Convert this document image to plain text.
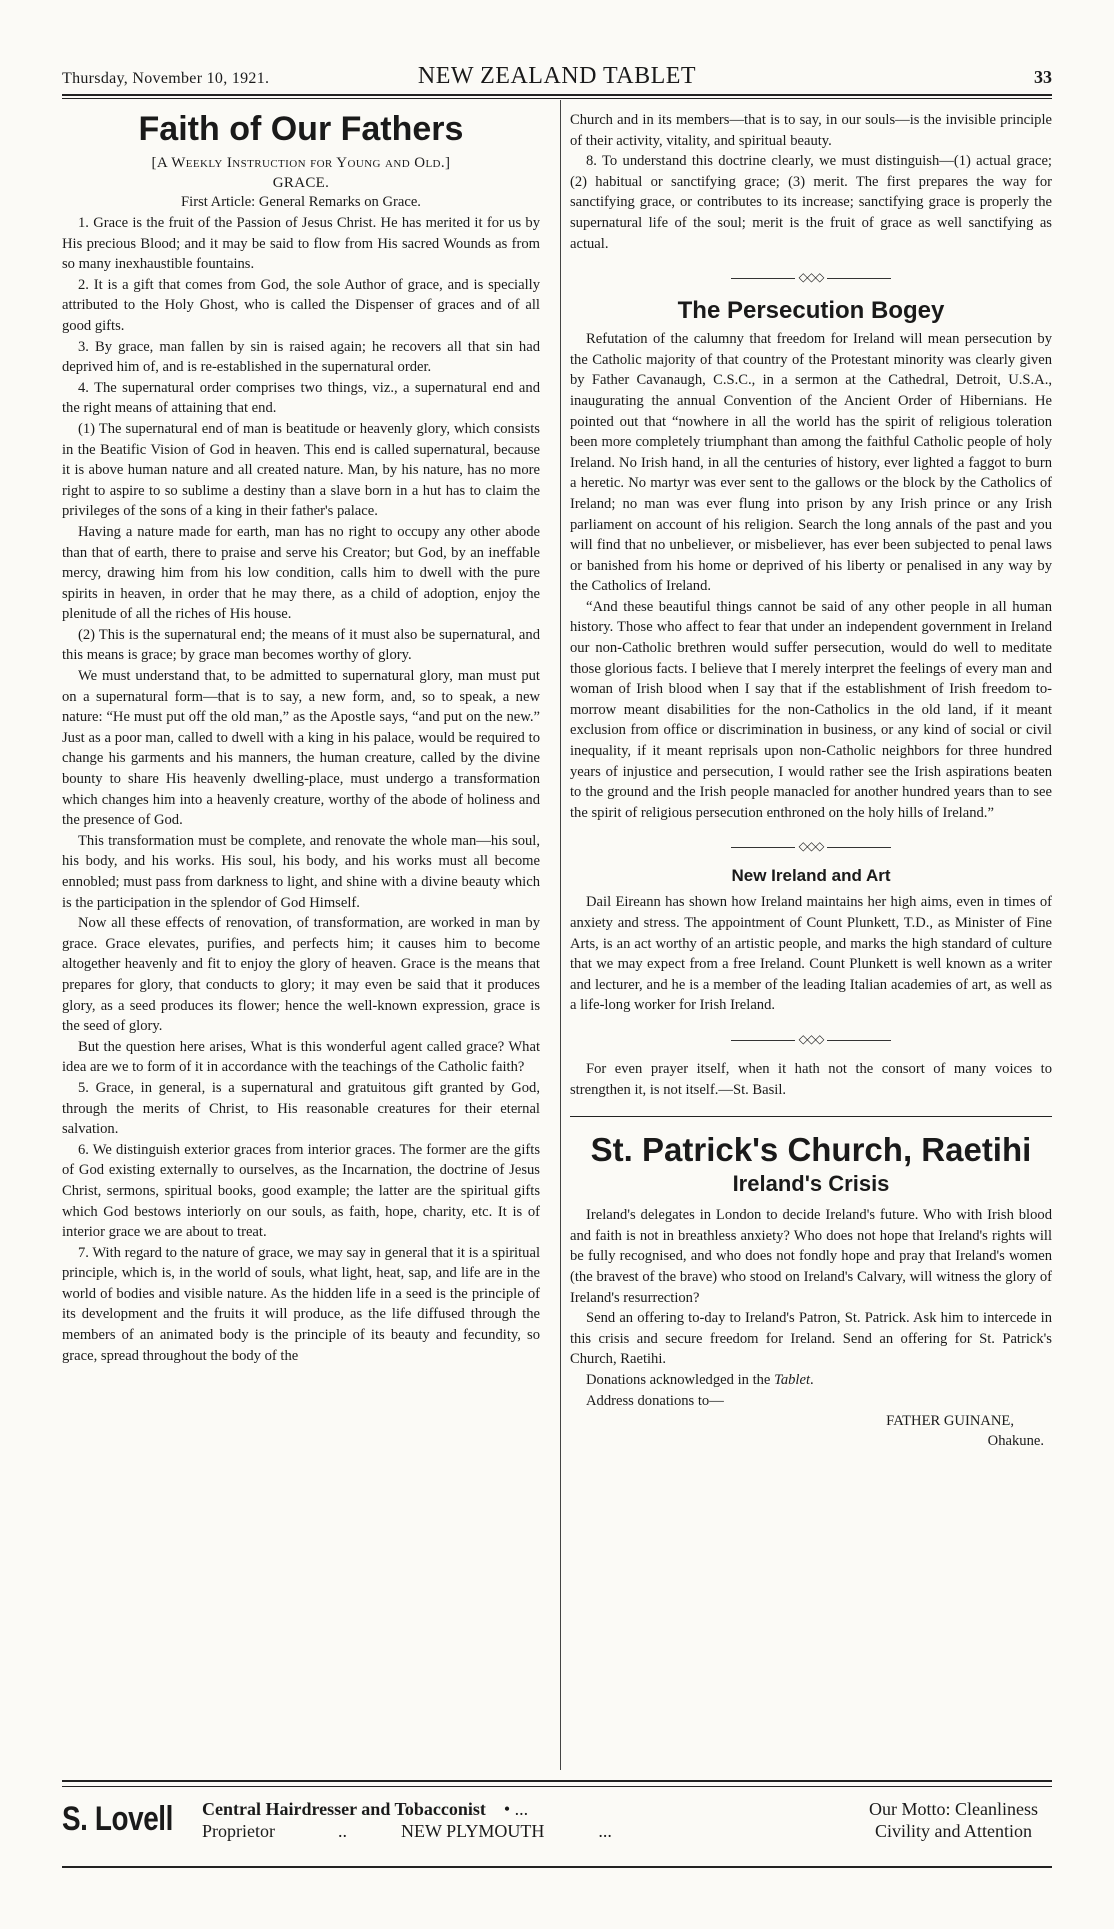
Thursday, November 10, 1921.	NEW ZEALAND TABLET	33
Faith of Our Fathers
[A Weekly Instruction for Young and Old.]
GRACE.
First Article: General Remarks on Grace.

1. Grace is the fruit of the Passion of Jesus Christ. He has merited it for us by His precious Blood; and it may be said to flow from His sacred Wounds as from so many inexhaustible fountains.

2. It is a gift that comes from God, the sole Author of grace, and is specially attributed to the Holy Ghost, who is called the Dispenser of graces and of all good gifts.

3. By grace, man fallen by sin is raised again; he recovers all that sin had deprived him of, and is re-established in the supernatural order.

4. The supernatural order comprises two things, viz., a supernatural end and the right means of attaining that end.

(1) The supernatural end of man is beatitude or heavenly glory, which consists in the Beatific Vision of God in heaven. This end is called supernatural, because it is above human nature and all created nature. Man, by his nature, has no more right to aspire to so sublime a destiny than a slave born in a hut has to claim the privileges of the sons of a king in their father's palace.

Having a nature made for earth, man has no right to occupy any other abode than that of earth, there to praise and serve his Creator; but God, by an ineffable mercy, drawing him from his low condition, calls him to dwell with the pure spirits in heaven, in order that he may there, as a child of adoption, enjoy the plenitude of all the riches of His house.

(2) This is the supernatural end; the means of it must also be supernatural, and this means is grace; by grace man becomes worthy of glory.

We must understand that, to be admitted to supernatural glory, man must put on a supernatural form—that is to say, a new form, and, so to speak, a new nature: “He must put off the old man,” as the Apostle says, “and put on the new.” Just as a poor man, called to dwell with a king in his palace, would be required to change his garments and his manners, the human creature, called by the divine bounty to share His heavenly dwelling-place, must undergo a transformation which changes him into a heavenly creature, worthy of the abode of holiness and the presence of God.

This transformation must be complete, and renovate the whole man—his soul, his body, and his works. His soul, his body, and his works must all become ennobled; must pass from darkness to light, and shine with a divine beauty which is the participation in the splendor of God Himself.

Now all these effects of renovation, of transformation, are worked in man by grace. Grace elevates, purifies, and perfects him; it causes him to become altogether heavenly and fit to enjoy the glory of heaven. Grace is the means that prepares for glory, that conducts to glory; it may even be said that it produces glory, as a seed produces its flower; hence the well-known expression, grace is the seed of glory.

But the question here arises, What is this wonderful agent called grace? What idea are we to form of it in accordance with the teachings of the Catholic faith?

5. Grace, in general, is a supernatural and gratuitous gift granted by God, through the merits of Christ, to His reasonable creatures for their eternal salvation.

6. We distinguish exterior graces from interior graces. The former are the gifts of God existing externally to ourselves, as the Incarnation, the doctrine of Jesus Christ, sermons, spiritual books, good example; the latter are the spiritual gifts which God bestows interiorly on our souls, as faith, hope, charity, etc. It is of interior grace we are about to treat.

7. With regard to the nature of grace, we may say in general that it is a spiritual principle, which is, in the world of souls, what light, heat, sap, and life are in the world of bodies and visible nature. As the hidden life in a seed is the principle of its development and the fruits it will produce, as the life diffused through the members of an animated body is the principle of its beauty and fecundity, so grace, spread throughout the body of the

Church and in its members—that is to say, in our souls—is the invisible principle of their activity, vitality, and spiritual beauty.

8. To understand this doctrine clearly, we must distinguish—(1) actual grace; (2) habitual or sanctifying grace; (3) merit. The first prepares the way for sanctifying grace, or contributes to its increase; sanctifying grace is properly the supernatural life of the soul; merit is the fruit of grace as well sanctifying as actual.

◇◇◇
The Persecution Bogey

Refutation of the calumny that freedom for Ireland will mean persecution by the Catholic majority of that country of the Protestant minority was clearly given by Father Cavanaugh, C.S.C., in a sermon at the Cathedral, Detroit, U.S.A., inaugurating the annual Convention of the Ancient Order of Hibernians. He pointed out that “nowhere in all the world has the spirit of religious toleration been more completely triumphant than among the faithful Catholic people of holy Ireland. No Irish hand, in all the centuries of history, ever lighted a faggot to burn a heretic. No martyr was ever sent to the gallows or the block by the Catholics of Ireland; no man was ever flung into prison by any Irish prince or any Irish parliament on account of his religion. Search the long annals of the past and you will find that no unbeliever, or misbeliever, has ever been subjected to penal laws or banished from his home or deprived of his liberty or penalised in any way by the Catholics of Ireland.

“And these beautiful things cannot be said of any other people in all human history. Those who affect to fear that under an independent government in Ireland our non-Catholic brethren would suffer persecution, would do well to meditate those glorious facts. I believe that I merely interpret the feelings of every man and woman of Irish blood when I say that if the establishment of Irish freedom to-morrow meant disabilities for the non-Catholics in the old land, if it meant exclusion from office or discrimination in business, or any kind of social or civil inequality, if it meant reprisals upon non-Catholic neighbors for three hundred years of injustice and persecution, I would rather see the Irish aspirations beaten to the ground and the Irish people manacled for another hundred years than to see the spirit of religious persecution enthroned on the holy hills of Ireland.”

◇◇◇
New Ireland and Art

Dail Eireann has shown how Ireland maintains her high aims, even in times of anxiety and stress. The appointment of Count Plunkett, T.D., as Minister of Fine Arts, is an act worthy of an artistic people, and marks the high standard of culture that we may expect from a free Ireland. Count Plunkett is well known as a writer and lecturer, and he is a member of the leading Italian academies of art, as well as a life-long worker for Irish Ireland.

◇◇◇

For even prayer itself, when it hath not the consort of many voices to strengthen it, is not itself.—St. Basil.

St. Patrick's Church, Raetihi
Ireland's Crisis

Ireland's delegates in London to decide Ireland's future. Who with Irish blood and faith is not in breathless anxiety? Who does not hope that Ireland's rights will be fully recognised, and who does not fondly hope and pray that Ireland's women (the bravest of the brave) who stood on Ireland's Calvary, will witness the glory of Ireland's resurrection?

Send an offering to-day to Ireland's Patron, St. Patrick. Ask him to intercede in this crisis and secure freedom for Ireland. Send an offering for St. Patrick's Church, Raetihi.

Donations acknowledged in the Tablet.

Address donations to—

FATHER GUINANE,
Ohakune.
S. Lovell Central Hairdresser and Tobacconist • ...
Proprietor	..	NEW PLYMOUTH	...
Our Motto: Cleanliness
Civility and Attention
